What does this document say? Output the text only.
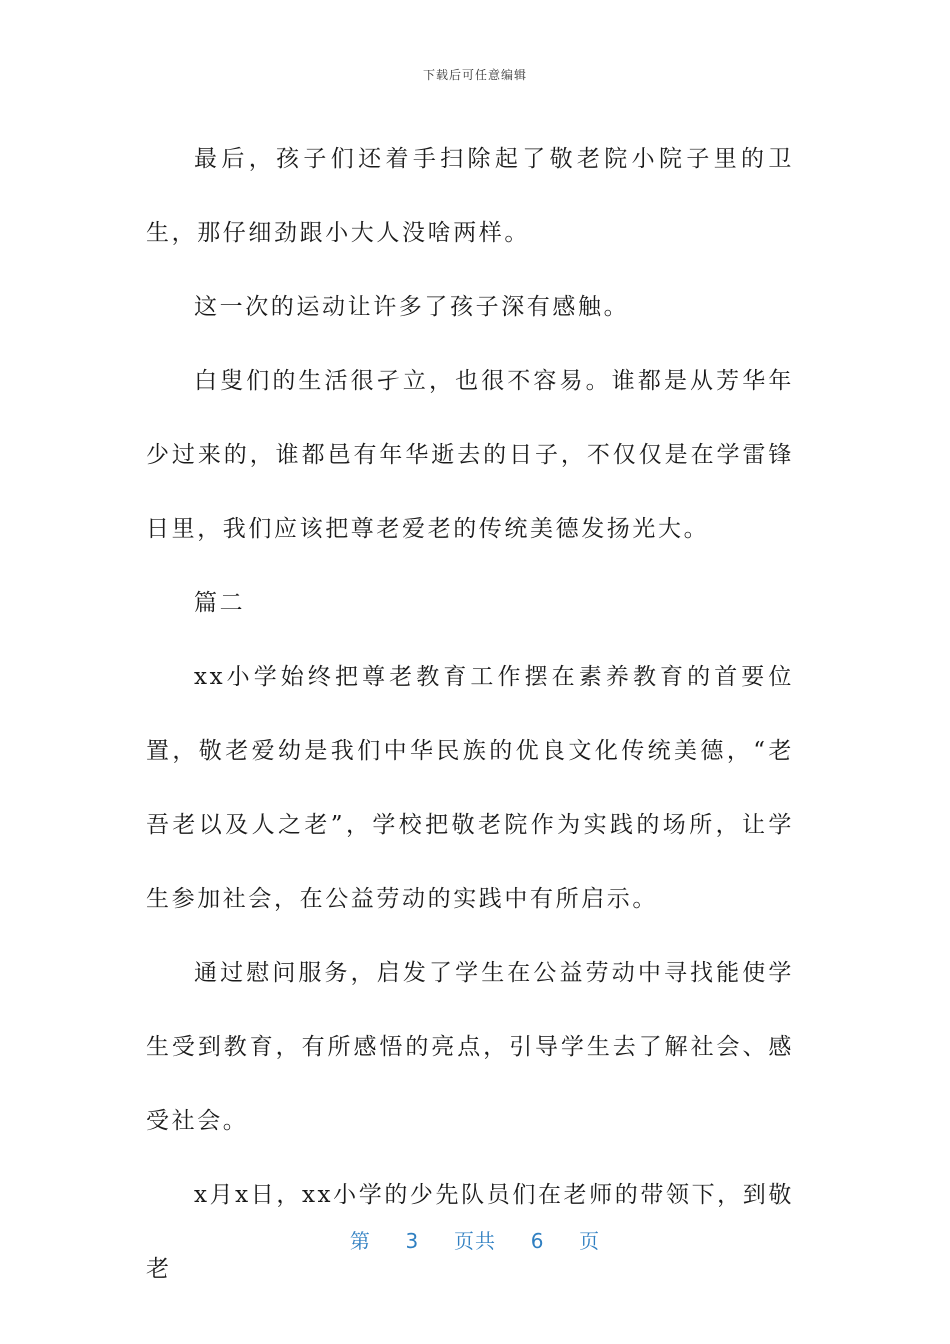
下载后可任意编辑

最后，孩子们还着手扫除起了敬老院小院子里的卫生，那仔细劲跟小大人没啥两样。

这一次的运动让许多了孩子深有感触。

白叟们的生活很孑立，也很不容易。谁都是从芳华年少过来的，谁都邑有年华逝去的日子，不仅仅是在学雷锋日里，我们应该把尊老爱老的传统美德发扬光大。

篇二

xx小学始终把尊老教育工作摆在素养教育的首要位置，敬老爱幼是我们中华民族的优良文化传统美德，“老吾老以及人之老”，学校把敬老院作为实践的场所，让学生参加社会，在公益劳动的实践中有所启示。

通过慰问服务，启发了学生在公益劳动中寻找能使学生受到教育，有所感悟的亮点，引导学生去了解社会、感受社会。

x月x日，xx小学的少先队员们在老师的带领下，到敬老

第 3 页共 6 页
